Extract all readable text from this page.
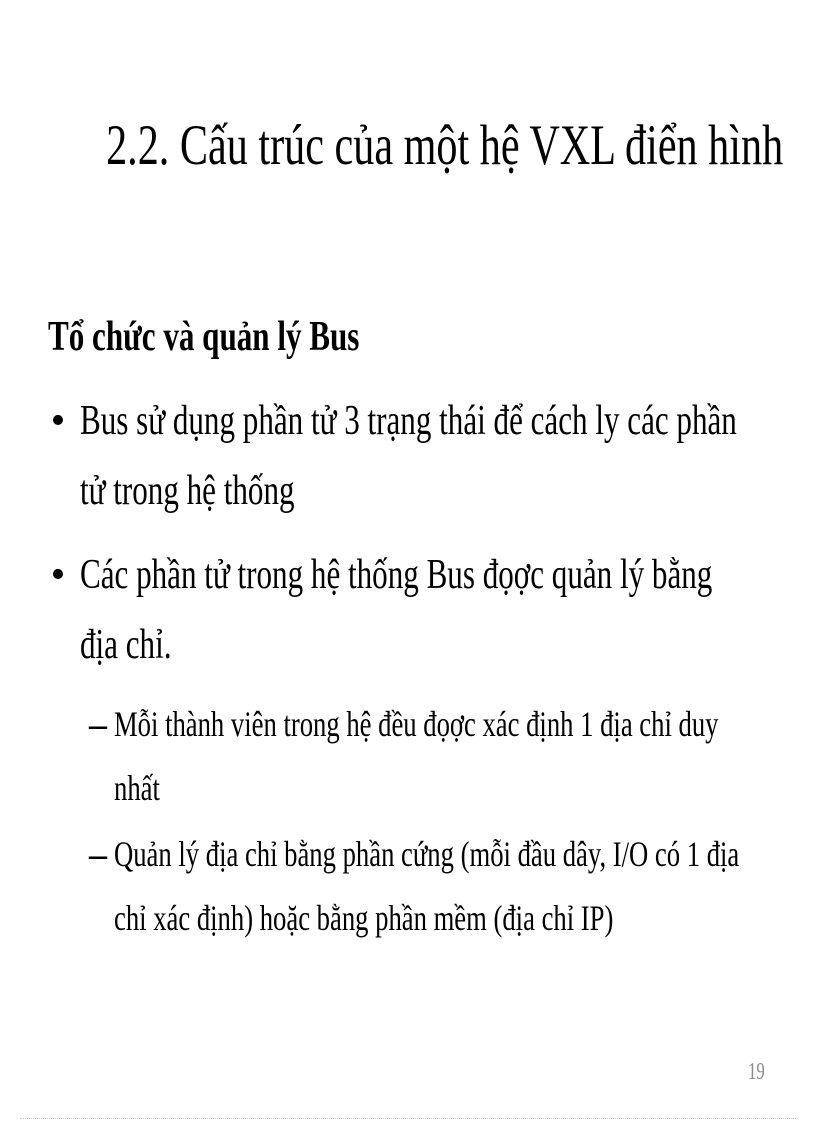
2.2. Cấu trúc của một hệ VXL điển hình
Tổ chức và quản lý Bus
• Bus sử dụng phần tử 3 trạng thái để cách ly các phần
tử trong hệ thống
• Các phần tử trong hệ thống Bus đọợc quản lý bằng
địa chỉ.
– Mỗi thành viên trong hệ đều đọợc xác định 1 địa chỉ duy
nhất
– Quản lý địa chỉ bằng phần cứng (mỗi đầu dây, I/O có 1 địa
chỉ xác định) hoặc bằng phần mềm (địa chỉ IP)
19
